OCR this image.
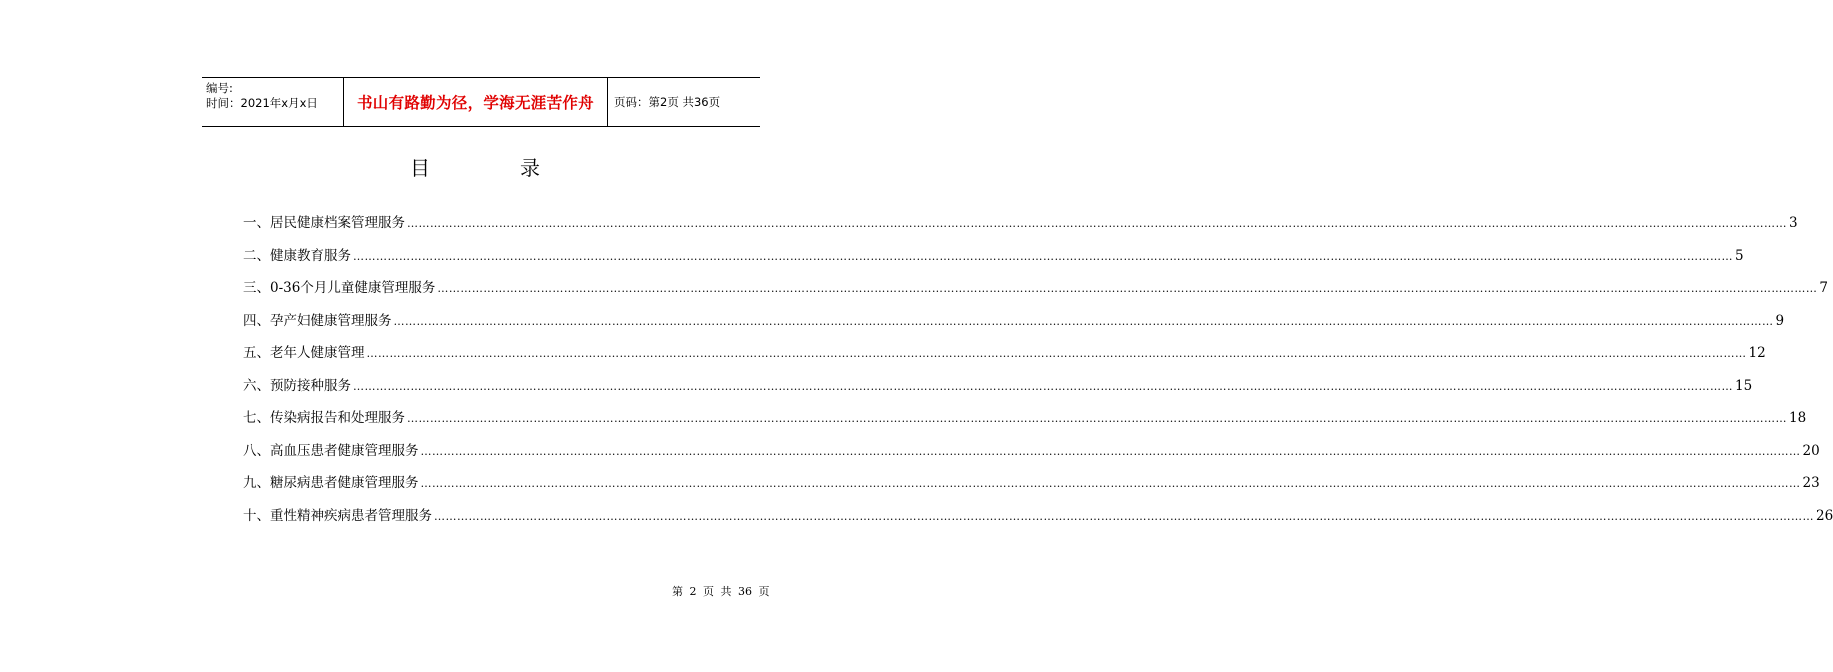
编号:
时间：2021年x月x日	书山有路勤为径，学海无涯苦作舟	页码：第2页 共36页
目	录
一、居民健康档案管理服务 ……………………………………………………………………………………………………………………………………………………………………………………………………………………………………………………………………………………………………………………………… 3
二、健康教育服务 ……………………………………………………………………………………………………………………………………………………………………………………………………………………………………………………………………………………………………………………………… 5
三、0-36个月儿童健康管理服务 ……………………………………………………………………………………………………………………………………………………………………………………………………………………………………………………………………………………………………………………………… 7
四、孕产妇健康管理服务 ……………………………………………………………………………………………………………………………………………………………………………………………………………………………………………………………………………………………………………………………… 9
五、老年人健康管理 ……………………………………………………………………………………………………………………………………………………………………………………………………………………………………………………………………………………………………………………………… 12
六、预防接种服务 ……………………………………………………………………………………………………………………………………………………………………………………………………………………………………………………………………………………………………………………………… 15
七、传染病报告和处理服务 ……………………………………………………………………………………………………………………………………………………………………………………………………………………………………………………………………………………………………………………………… 18
八、高血压患者健康管理服务 ……………………………………………………………………………………………………………………………………………………………………………………………………………………………………………………………………………………………………………………………… 20
九、糖尿病患者健康管理服务 ……………………………………………………………………………………………………………………………………………………………………………………………………………………………………………………………………………………………………………………………… 23
十、重性精神疾病患者管理服务 ……………………………………………………………………………………………………………………………………………………………………………………………………………………………………………………………………………………………………………………………… 26
第 2 页 共 36 页
